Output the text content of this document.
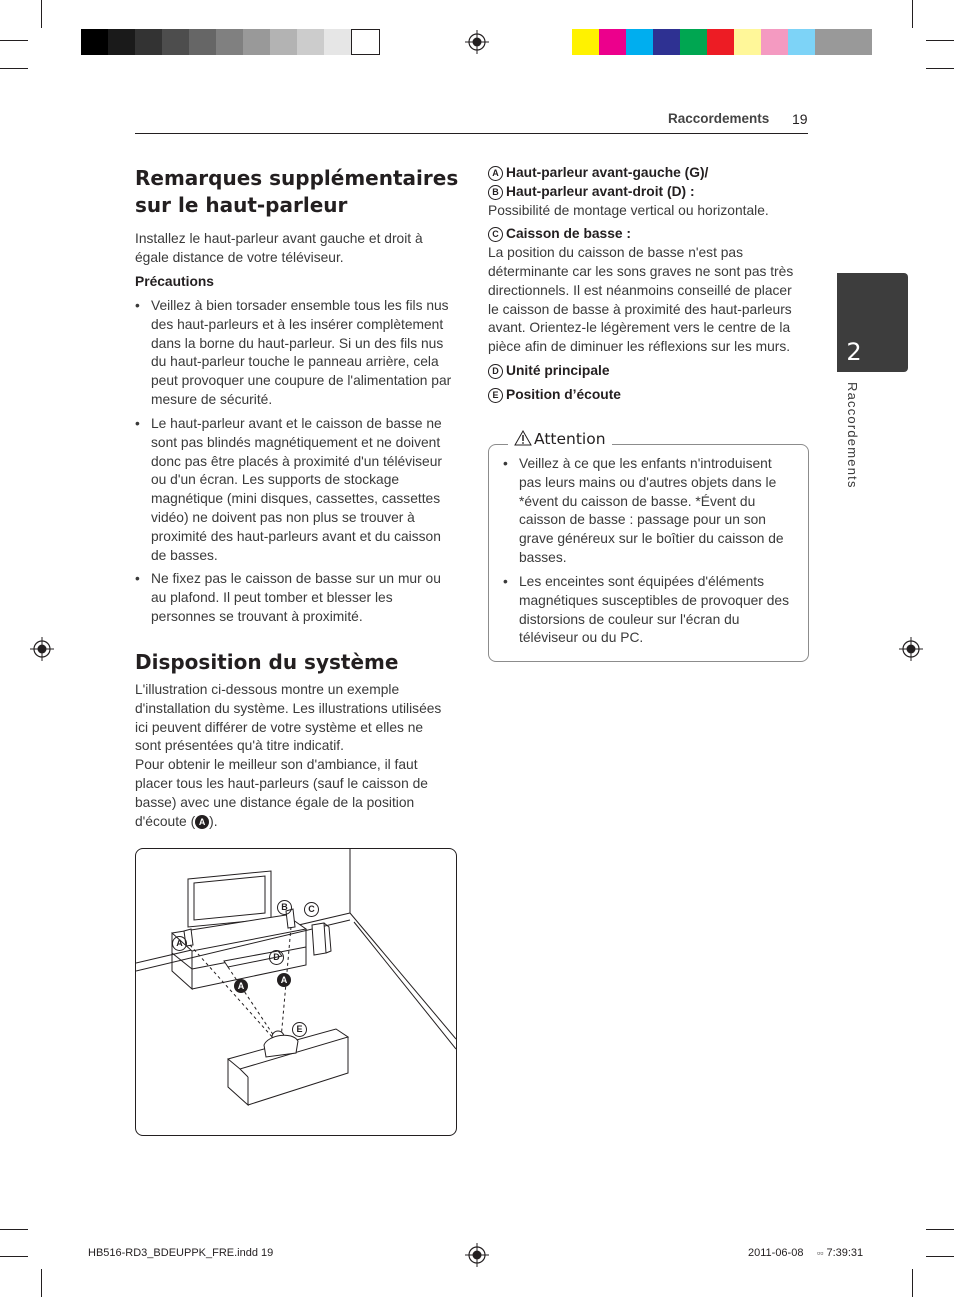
Raccordements 19
2
Raccordements
Remarques supplémentaires
sur le haut-parleur
Installez le haut-parleur avant gauche et droit à égale distance de votre téléviseur.
Précautions
• Veillez à bien torsader ensemble tous les fils nus des haut-parleurs et à les insérer complètement dans la borne du haut-parleur. Si un des fils nus du haut-parleur touche le panneau arrière, cela peut provoquer une coupure de l'alimentation par mesure de sécurité.
• Le haut-parleur avant et le caisson de basse ne sont pas blindés magnétiquement et ne doivent donc pas être placés à proximité d'un téléviseur ou d'un écran. Les supports de stockage magnétique (mini disques, cassettes, cassettes vidéo) ne doivent pas non plus se trouver à proximité des haut-parleurs avant et du caisson de basses.
• Ne fixez pas le caisson de basse sur un mur ou au plafond. Il peut tomber et blesser les personnes se trouvant à proximité.
Disposition du système
L'illustration ci-dessous montre un exemple d'installation du système. Les illustrations utilisées ici peuvent différer de votre système et elles ne sont présentées qu'à titre indicatif.
Pour obtenir le meilleur son d'ambiance, il faut placer tous les haut-parleurs (sauf le caisson de basse) avec une distance égale de la position d'écoute ( A ).
A
B	C
D
A
A
E
A Haut-parleur avant-gauche (G)/
B Haut-parleur avant-droit (D) :
Possibilité de montage vertical ou horizontale.
C Caisson de basse :
La position du caisson de basse n'est pas déterminante car les sons graves ne sont pas très directionnels. Il est néanmoins conseillé de placer le caisson de basse à proximité des haut-parleurs avant. Orientez-le légèrement vers le centre de la pièce afin de diminuer les réflexions sur les murs.
D Unité principale
E Position d’écoute
Attention
• Veillez à ce que les enfants n'introduisent pas leurs mains ou d'autres objets dans le *évent du caisson de basse. *Évent du caisson de basse : passage pour un son grave généreux sur le boîtier du caisson de basses.
• Les enceintes sont équipées d'éléments magnétiques susceptibles de provoquer des distorsions de couleur sur l'écran du téléviseur ou du PC.
HB516-RD3_BDEUPPK_FRE.indd 19	2011-06-08 ▫▫ 7:39:31
